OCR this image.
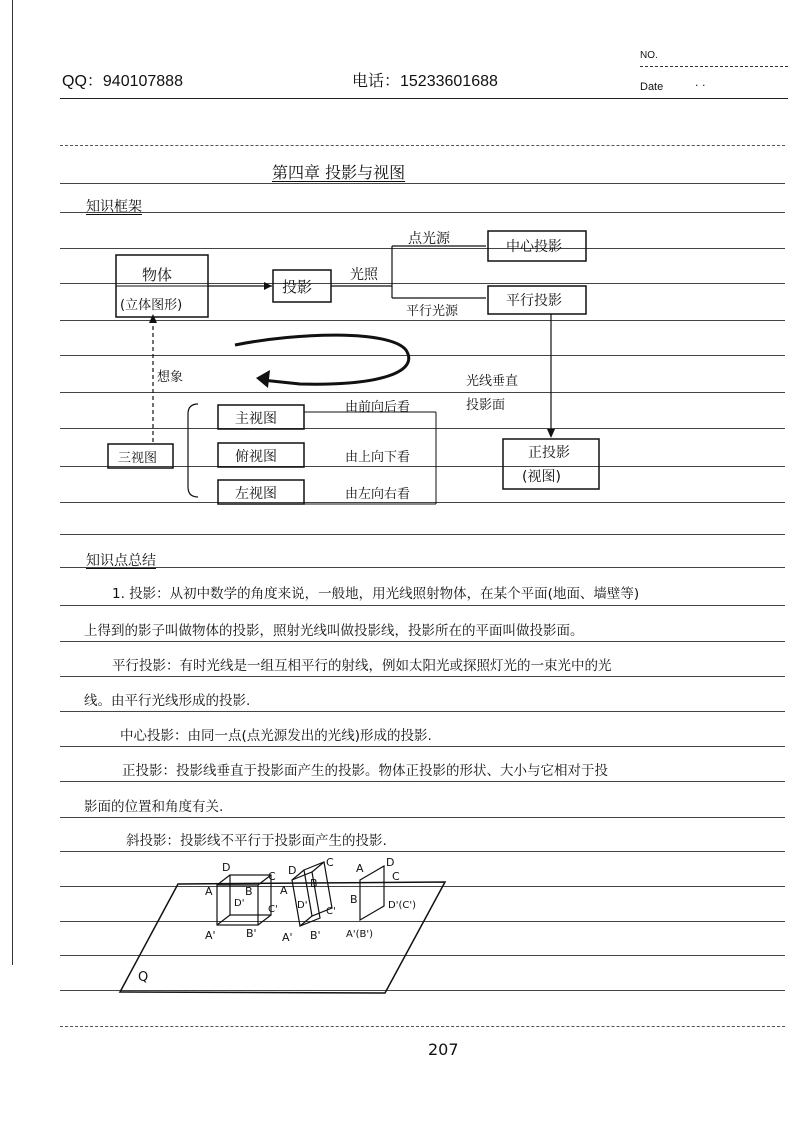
QQ：940107888	电话：15233601688
NO.
Date	· ·
第四章 投影与视图
知识框架
物体
(立体图形)
投影
光照
点光源
平行光源
中心投影
平行投影
想象	光线垂直
投影面
正投影
(视图)
三视图
主视图
由前向后看
俯视图	由上向下看
左视图	由左向右看
知识点总结
1. 投影：从初中数学的角度来说，一般地，用光线照射物体，在某个平面(地面、墙壁等)
上得到的影子叫做物体的投影，照射光线叫做投影线，投影所在的平面叫做投影面。
平行投影：有时光线是一组互相平行的射线，例如太阳光或探照灯光的一束光中的光
线。由平行光线形成的投影.
中心投影：由同一点(点光源发出的光线)形成的投影.
正投影：投影线垂直于投影面产生的投影。物体正投影的形状、大小与它相对于投
影面的位置和角度有关.
斜投影：投影线不平行于投影面产生的投影.
Q
D
C
A	B
D'
C'
A'	B'
D
C
A
B
D'
C'
A' B'
A D
C
B	D'(C')
A'(B')
207
